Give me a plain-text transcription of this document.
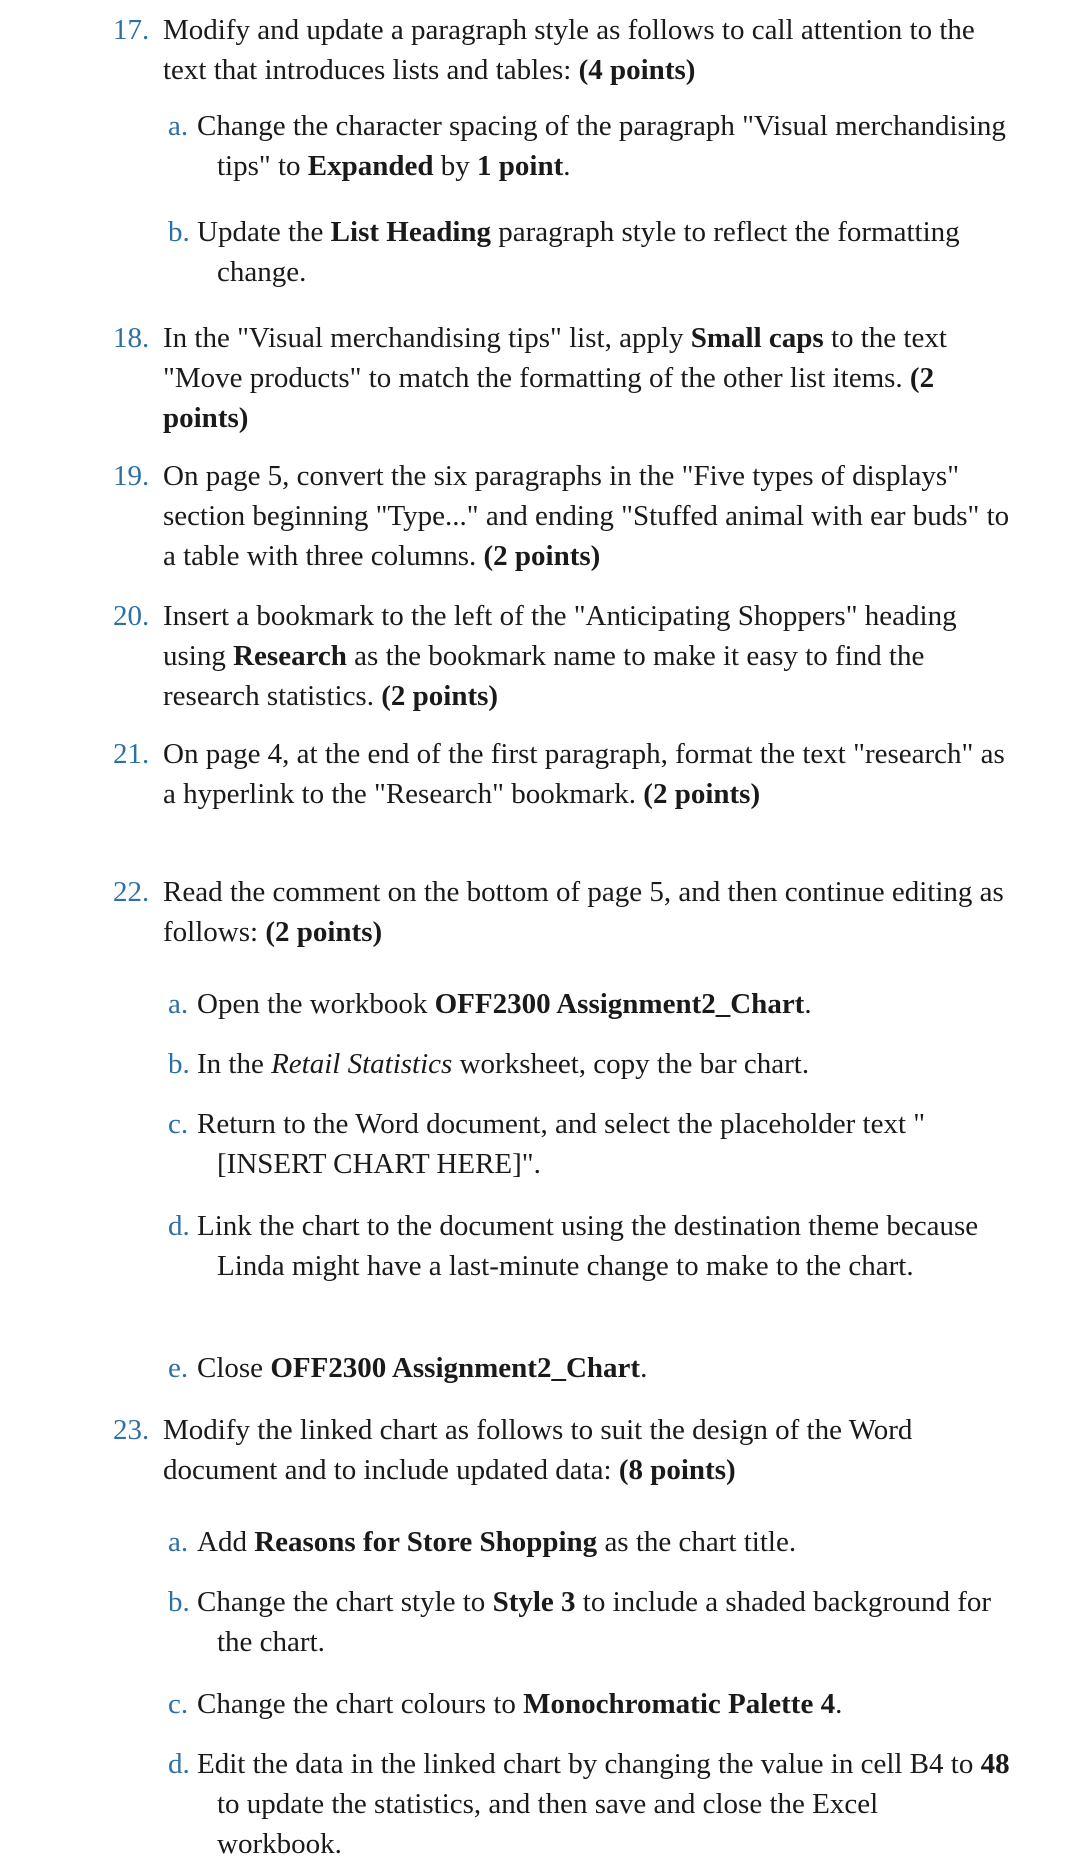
17. Modify and update a paragraph style as follows to call attention to the text that introduces lists and tables: (4 points)
a. Change the character spacing of the paragraph "Visual merchandising tips" to Expanded by 1 point.
b. Update the List Heading paragraph style to reflect the formatting change.
18. In the "Visual merchandising tips" list, apply Small caps to the text "Move products" to match the formatting of the other list items. (2 points)
19. On page 5, convert the six paragraphs in the "Five types of displays" section beginning "Type..." and ending "Stuffed animal with ear buds" to a table with three columns. (2 points)
20. Insert a bookmark to the left of the "Anticipating Shoppers" heading using Research as the bookmark name to make it easy to find the research statistics. (2 points)
21. On page 4, at the end of the first paragraph, format the text "research" as a hyperlink to the "Research" bookmark. (2 points)
22. Read the comment on the bottom of page 5, and then continue editing as follows: (2 points)
a. Open the workbook OFF2300 Assignment2_Chart.
b. In the Retail Statistics worksheet, copy the bar chart.
c. Return to the Word document, and select the placeholder text "[INSERT CHART HERE]".
d. Link the chart to the document using the destination theme because Linda might have a last-minute change to make to the chart.
e. Close OFF2300 Assignment2_Chart.
23. Modify the linked chart as follows to suit the design of the Word document and to include updated data: (8 points)
a. Add Reasons for Store Shopping as the chart title.
b. Change the chart style to Style 3 to include a shaded background for the chart.
c. Change the chart colours to Monochromatic Palette 4.
d. Edit the data in the linked chart by changing the value in cell B4 to 48 to update the statistics, and then save and close the Excel workbook.
